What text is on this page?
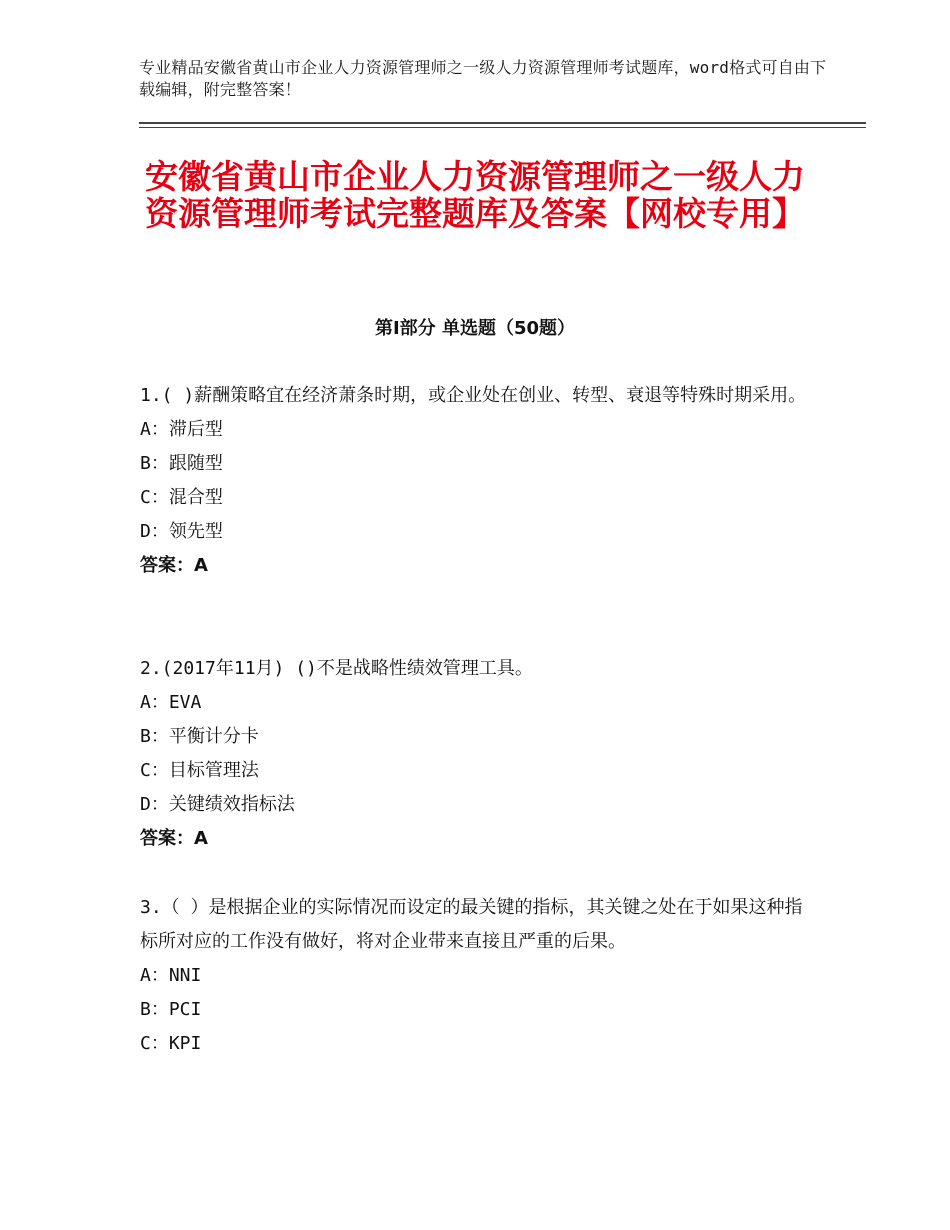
专业精品安徽省黄山市企业人力资源管理师之一级人力资源管理师考试题库，word格式可自由下载编辑，附完整答案！
安徽省黄山市企业人力资源管理师之一级人力资源管理师考试完整题库及答案【网校专用】
第Ⅰ部分 单选题（50题）

1.( )薪酬策略宜在经济萧条时期，或企业处在创业、转型、衰退等特殊时期采用。

A：滞后型

B：跟随型

C：混合型

D：领先型

答案：A

2.(2017年11月) ()不是战略性绩效管理工具。

A：EVA

B：平衡计分卡

C：目标管理法

D：关键绩效指标法

答案：A

3.（ ）是根据企业的实际情况而设定的最关键的指标，其关键之处在于如果这种指标所对应的工作没有做好，将对企业带来直接且严重的后果。

A：NNI

B：PCI

C：KPI
